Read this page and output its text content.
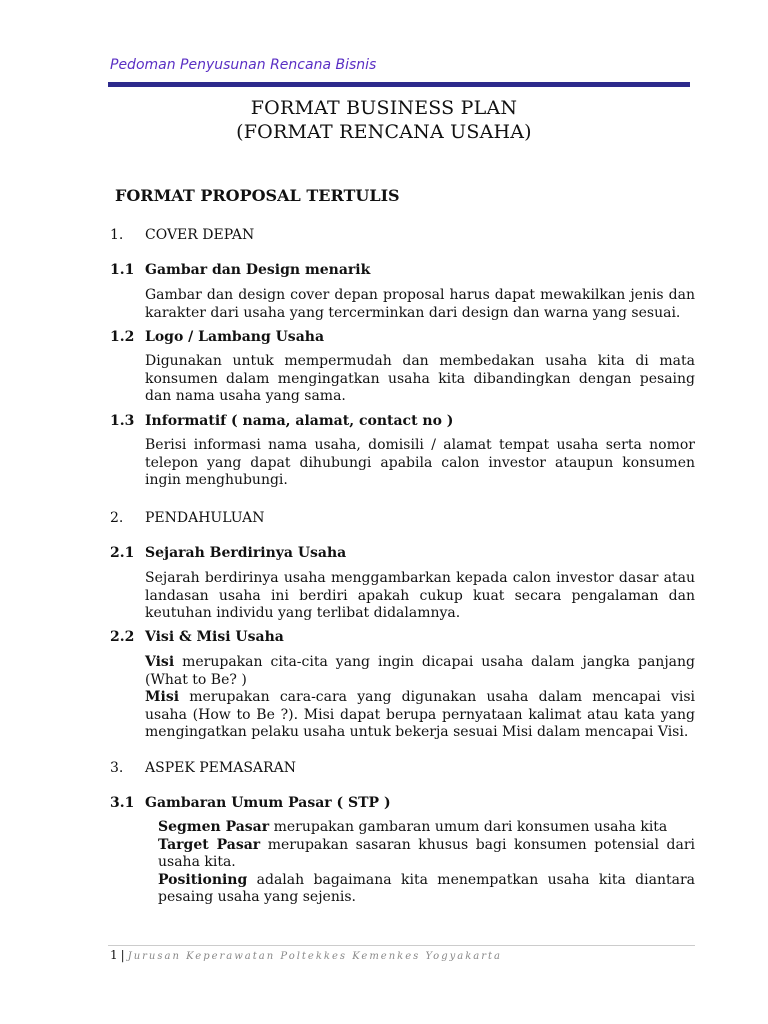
Pedoman Penyusunan Rencana Bisnis
FORMAT BUSINESS PLAN
(FORMAT RENCANA USAHA)
FORMAT PROPOSAL TERTULIS
1. COVER DEPAN
1.1 Gambar dan Design menarik
Gambar dan design cover depan proposal harus dapat mewakilkan jenis dan karakter dari usaha yang tercerminkan dari design dan warna yang sesuai.
1.2 Logo / Lambang Usaha
Digunakan untuk mempermudah dan membedakan usaha kita di mata konsumen dalam mengingatkan usaha kita dibandingkan dengan pesaing dan nama usaha yang sama.
1.3 Informatif ( nama, alamat, contact no )
Berisi informasi nama usaha, domisili / alamat tempat usaha serta nomor telepon yang dapat dihubungi apabila calon investor ataupun konsumen ingin menghubungi.
2. PENDAHULUAN
2.1 Sejarah Berdirinya Usaha
Sejarah berdirinya usaha menggambarkan kepada calon investor dasar atau landasan usaha ini berdiri apakah cukup kuat secara pengalaman dan keutuhan individu yang terlibat didalamnya.
2.2 Visi & Misi Usaha

Visi merupakan cita-cita yang ingin dicapai usaha dalam jangka panjang (What to Be? )

Misi merupakan cara-cara yang digunakan usaha dalam mencapai visi usaha (How to Be ?). Misi dapat berupa pernyataan kalimat atau kata yang mengingatkan pelaku usaha untuk bekerja sesuai Misi dalam mencapai Visi.

3. ASPEK PEMASARAN
3.1 Gambaran Umum Pasar ( STP )

Segmen Pasar merupakan gambaran umum dari konsumen usaha kita

Target Pasar merupakan sasaran khusus bagi konsumen potensial dari usaha kita.

Positioning adalah bagaimana kita menempatkan usaha kita diantara pesaing usaha yang sejenis.

1 | Jurusan Keperawatan Poltekkes Kemenkes Yogyakarta
